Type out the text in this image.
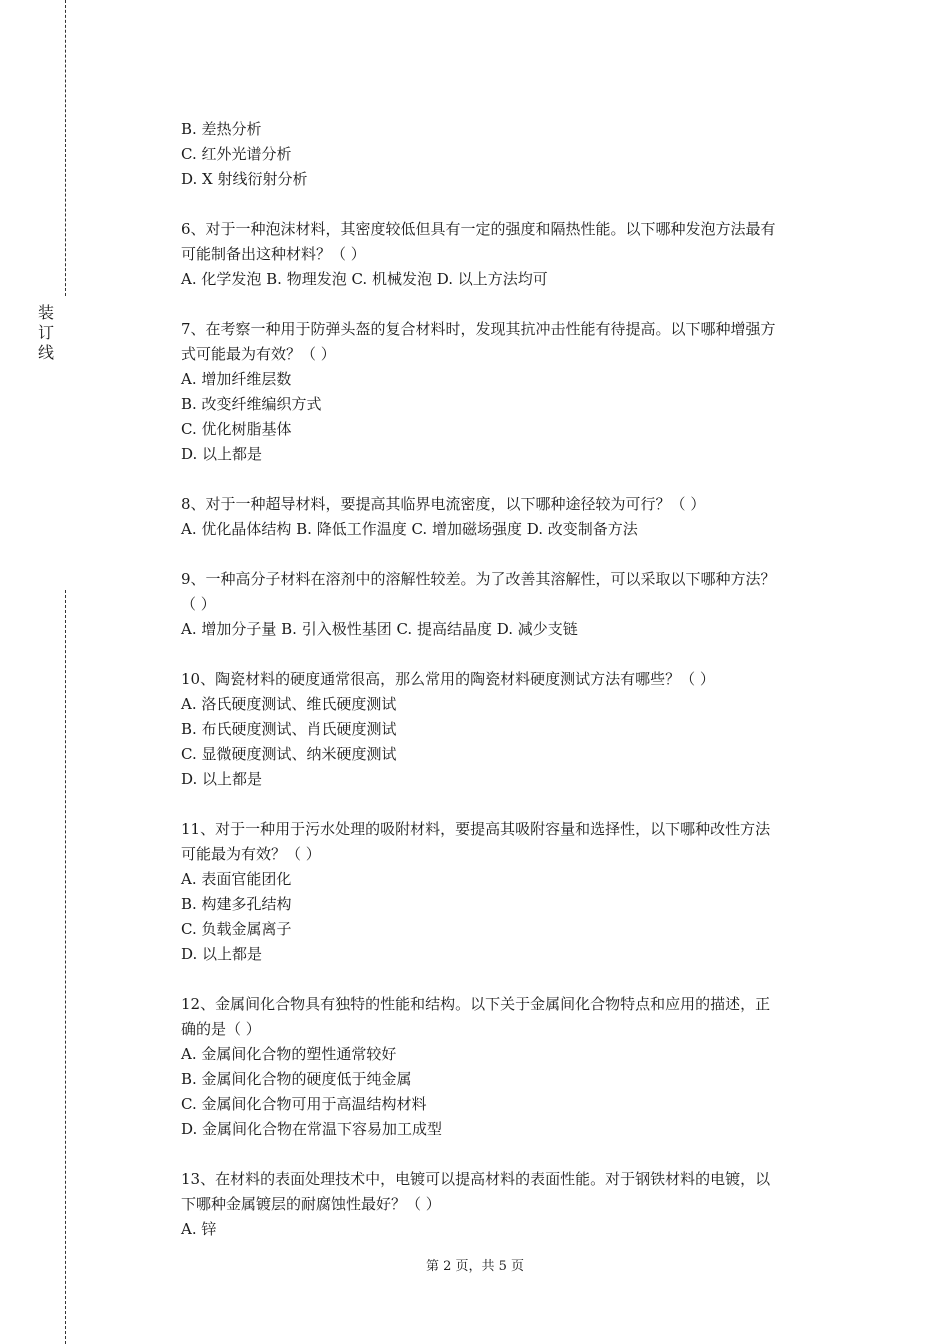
装
订
线
B. 差热分析
C. 红外光谱分析
D. X 射线衍射分析
6、对于一种泡沫材料，其密度较低但具有一定的强度和隔热性能。以下哪种发泡方法最有
可能制备出这种材料？（ ）
A. 化学发泡 B. 物理发泡 C. 机械发泡 D. 以上方法均可
7、在考察一种用于防弹头盔的复合材料时，发现其抗冲击性能有待提高。以下哪种增强方
式可能最为有效？（ ）
A. 增加纤维层数
B. 改变纤维编织方式
C. 优化树脂基体
D. 以上都是
8、对于一种超导材料，要提高其临界电流密度，以下哪种途径较为可行？（ ）
A. 优化晶体结构 B. 降低工作温度 C. 增加磁场强度 D. 改变制备方法
9、一种高分子材料在溶剂中的溶解性较差。为了改善其溶解性，可以采取以下哪种方法？
（ ）
A. 增加分子量 B. 引入极性基团 C. 提高结晶度 D. 减少支链
10、陶瓷材料的硬度通常很高，那么常用的陶瓷材料硬度测试方法有哪些？（ ）
A. 洛氏硬度测试、维氏硬度测试
B. 布氏硬度测试、肖氏硬度测试
C. 显微硬度测试、纳米硬度测试
D. 以上都是
11、对于一种用于污水处理的吸附材料，要提高其吸附容量和选择性，以下哪种改性方法
可能最为有效？（ ）
A. 表面官能团化
B. 构建多孔结构
C. 负载金属离子
D. 以上都是
12、金属间化合物具有独特的性能和结构。以下关于金属间化合物特点和应用的描述，正
确的是（ ）
A. 金属间化合物的塑性通常较好
B. 金属间化合物的硬度低于纯金属
C. 金属间化合物可用于高温结构材料
D. 金属间化合物在常温下容易加工成型
13、在材料的表面处理技术中，电镀可以提高材料的表面性能。对于钢铁材料的电镀，以
下哪种金属镀层的耐腐蚀性最好？（ ）
A. 锌
第 2 页，共 5 页
